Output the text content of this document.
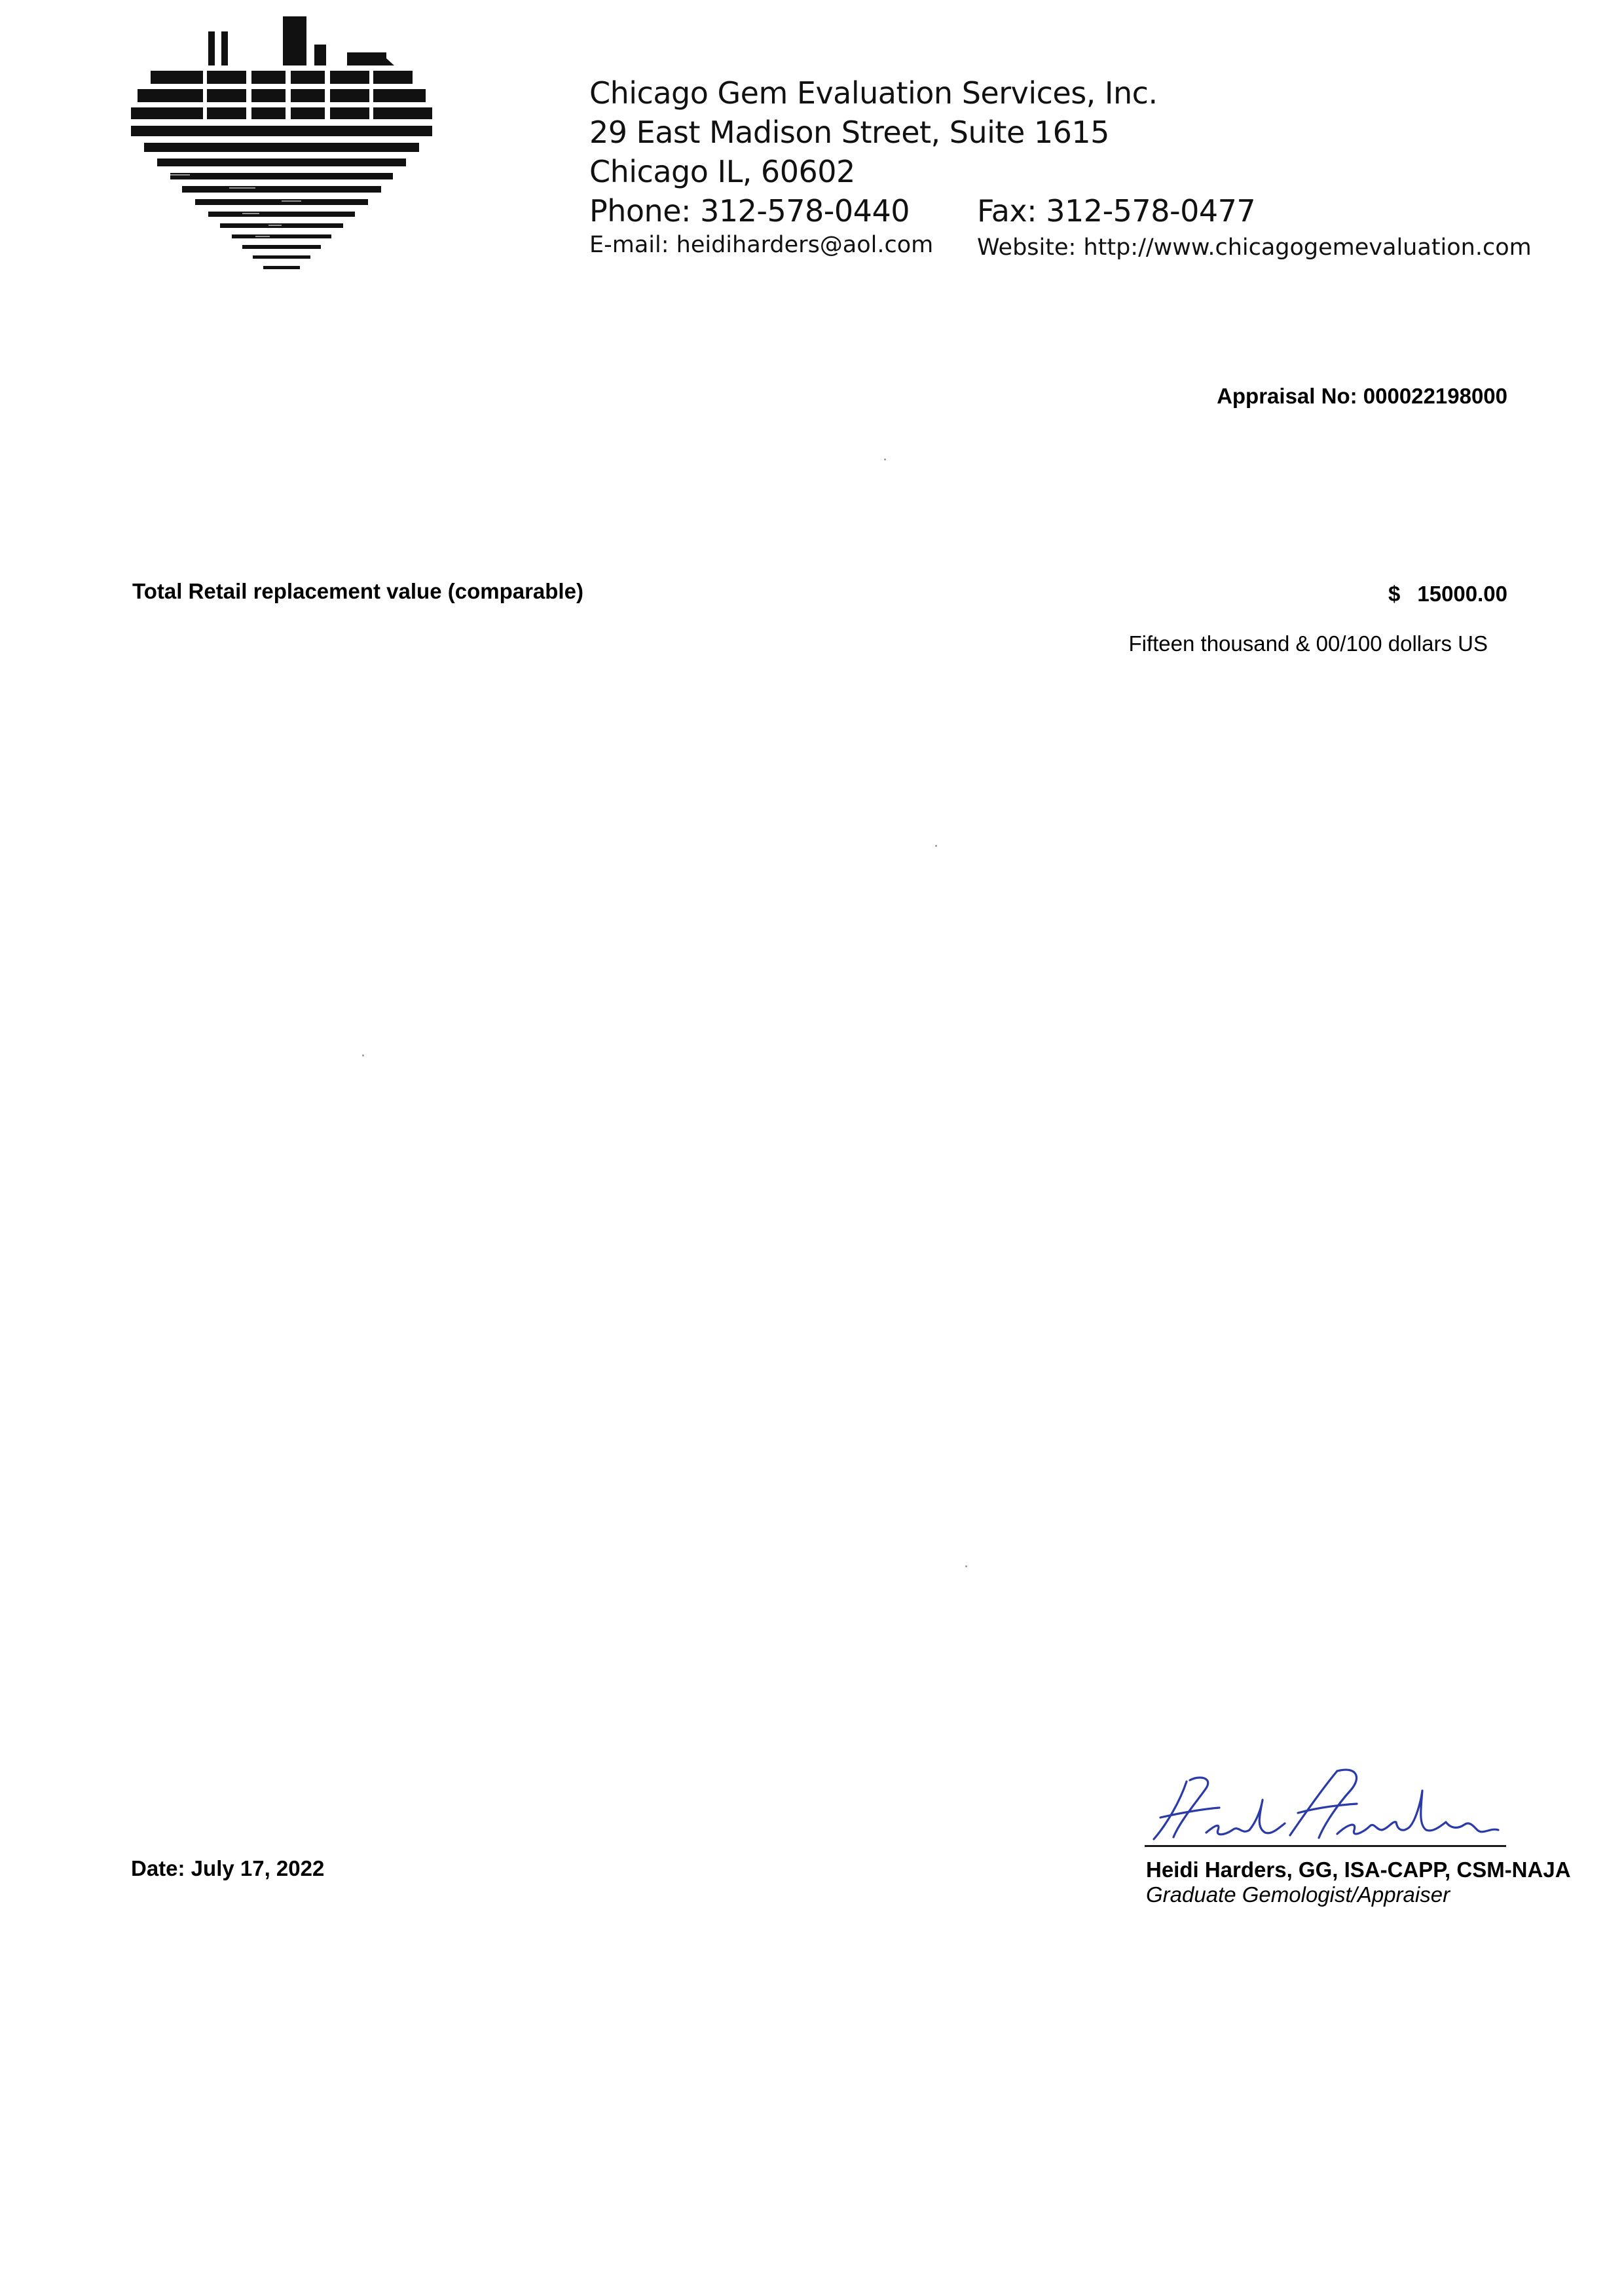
Chicago Gem Evaluation Services, Inc.
29 East Madison Street, Suite 1615
Chicago IL, 60602
Phone: 312-578-0440 Fax: 312-578-0477
E-mail: heidiharders@aol.com Website: http://www.chicagogemevaluation.com
Appraisal No: 000022198000
Total Retail replacement value (comparable)	$ 15000.00
Fifteen thousand & 00/100 dollars US
Date: July 17, 2022	Heidi Harders, GG, ISA-CAPP, CSM-NAJA
Graduate Gemologist/Appraiser
